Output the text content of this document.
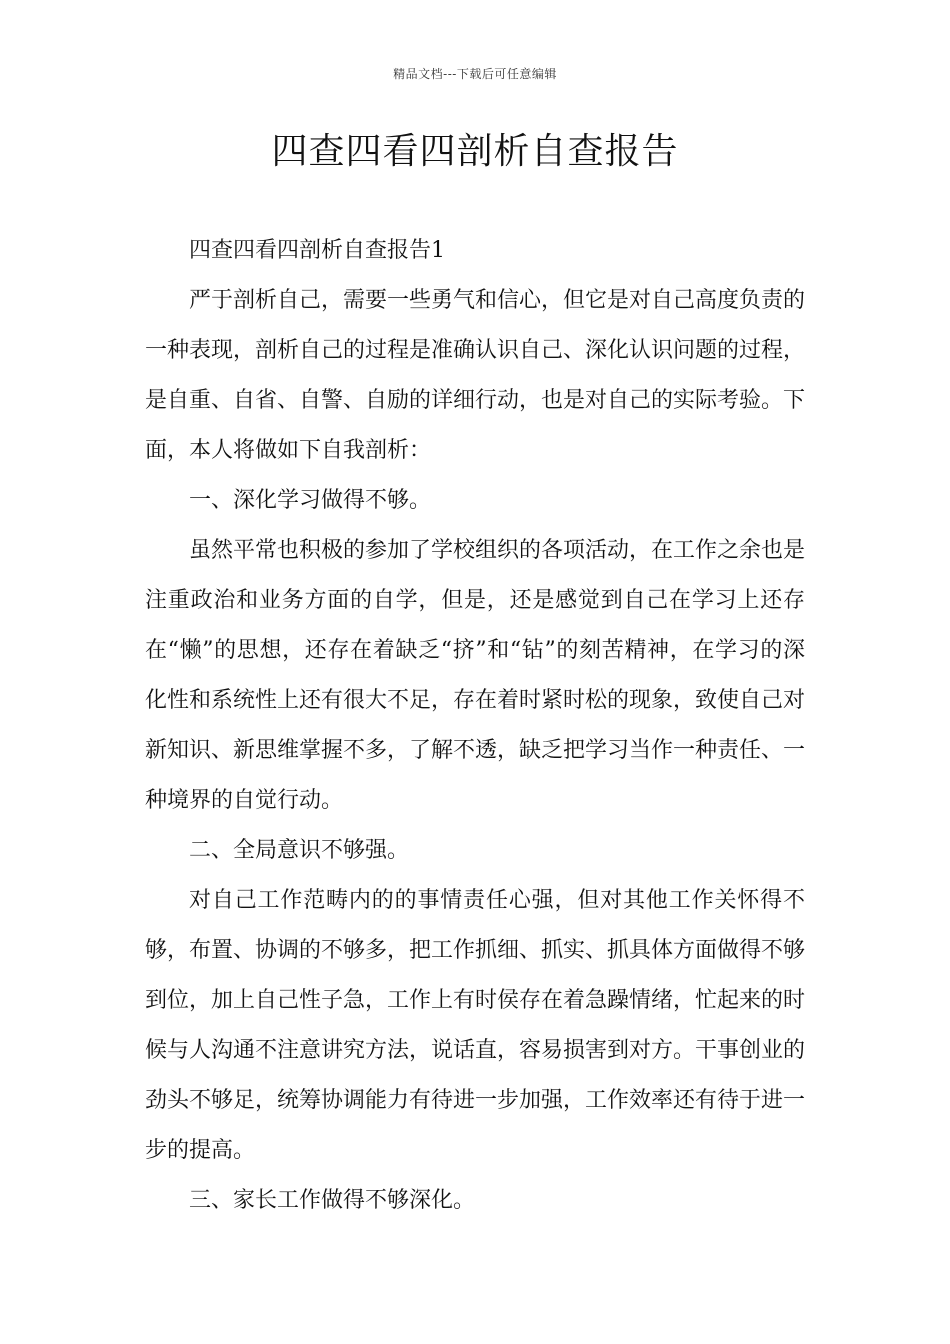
精品文档---下载后可任意编辑
四查四看四剖析自查报告

四查四看四剖析自查报告1

严于剖析自己，需要一些勇气和信心，但它是对自己高度负责的一种表现，剖析自己的过程是准确认识自己、深化认识问题的过程，是自重、自省、自警、自励的详细行动，也是对自己的实际考验。下面，本人将做如下自我剖析：

一、深化学习做得不够。

虽然平常也积极的参加了学校组织的各项活动，在工作之余也是注重政治和业务方面的自学，但是，还是感觉到自己在学习上还存在“懒”的思想，还存在着缺乏“挤”和“钻”的刻苦精神，在学习的深化性和系统性上还有很大不足，存在着时紧时松的现象，致使自己对新知识、新思维掌握不多，了解不透，缺乏把学习当作一种责任、一种境界的自觉行动。

二、全局意识不够强。

对自己工作范畴内的的事情责任心强，但对其他工作关怀得不够，布置、协调的不够多，把工作抓细、抓实、抓具体方面做得不够到位，加上自己性子急，工作上有时侯存在着急躁情绪，忙起来的时候与人沟通不注意讲究方法，说话直，容易损害到对方。干事创业的劲头不够足，统筹协调能力有待进一步加强，工作效率还有待于进一步的提高。

三、家长工作做得不够深化。
